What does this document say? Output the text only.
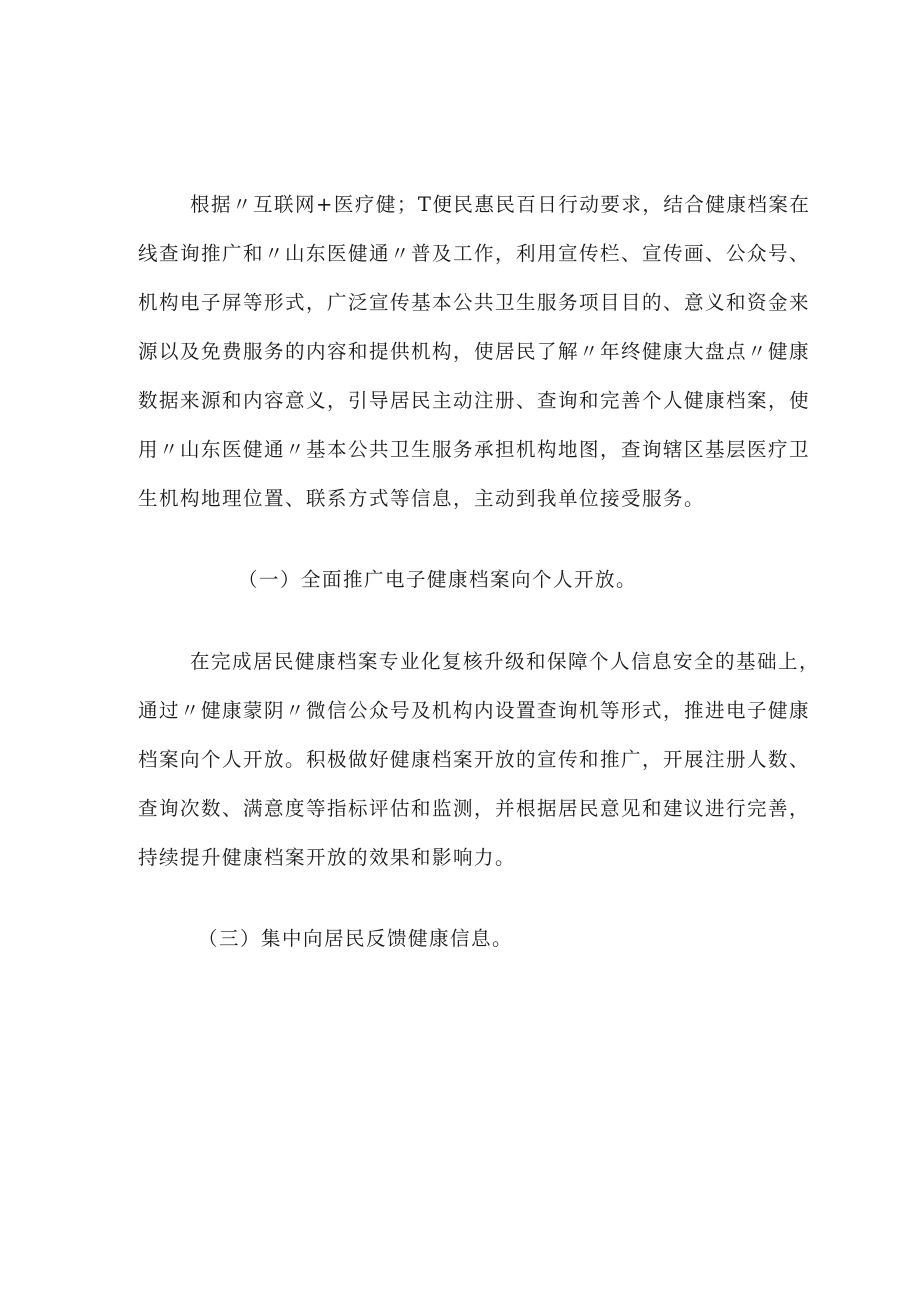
根据〃互联网+医疗健；T便民惠民百日行动要求，结合健康档案在
线查询推广和〃山东医健通〃普及工作，利用宣传栏、宣传画、公众号、
机构电子屏等形式，广泛宣传基本公共卫生服务项目目的、意义和资金来
源以及免费服务的内容和提供机构，使居民了解〃年终健康大盘点〃健康
数据来源和内容意义，引导居民主动注册、查询和完善个人健康档案，使
用〃山东医健通〃基本公共卫生服务承担机构地图，查询辖区基层医疗卫
生机构地理位置、联系方式等信息，主动到我单位接受服务。
（一）全面推广电子健康档案向个人开放。
在完成居民健康档案专业化复核升级和保障个人信息安全的基础上，
通过〃健康蒙阴〃微信公众号及机构内设置查询机等形式，推进电子健康
档案向个人开放。积极做好健康档案开放的宣传和推广，开展注册人数、
查询次数、满意度等指标评估和监测，并根据居民意见和建议进行完善，
持续提升健康档案开放的效果和影响力。
（三）集中向居民反馈健康信息。
